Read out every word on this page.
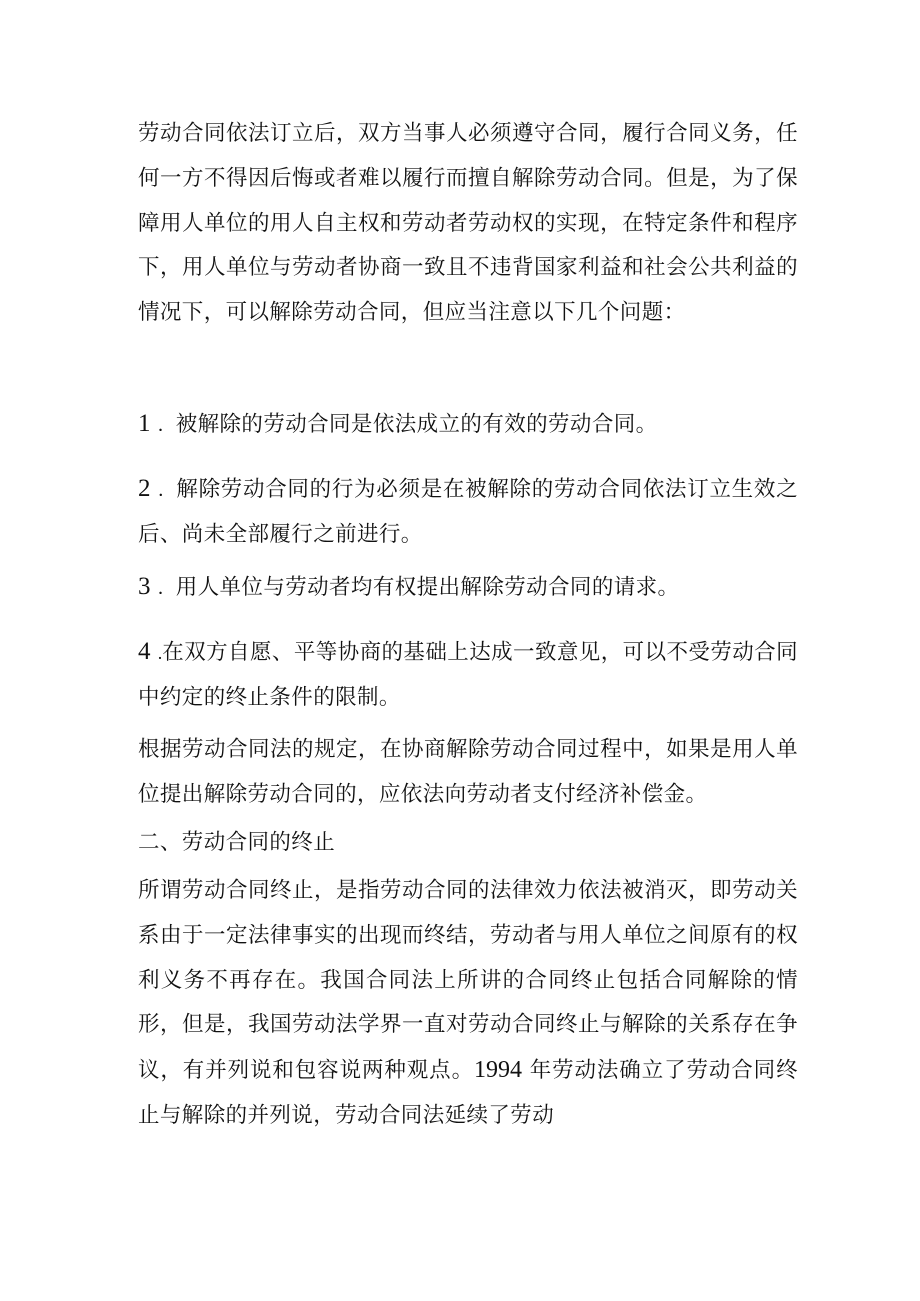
劳动合同依法订立后，双方当事人必须遵守合同，履行合同义务，任何一方不得因后悔或者难以履行而擅自解除劳动合同。但是，为了保障用人单位的用人自主权和劳动者劳动权的实现，在特定条件和程序下，用人单位与劳动者协商一致且不违背国家利益和社会公共利益的情况下，可以解除劳动合同，但应当注意以下几个问题：
1 ．被解除的劳动合同是依法成立的有效的劳动合同。
2 ．解除劳动合同的行为必须是在被解除的劳动合同依法订立生效之后、尚未全部履行之前进行。
3 ．用人单位与劳动者均有权提出解除劳动合同的请求。
4 .在双方自愿、平等协商的基础上达成一致意见，可以不受劳动合同中约定的终止条件的限制。
根据劳动合同法的规定，在协商解除劳动合同过程中，如果是用人单位提出解除劳动合同的，应依法向劳动者支付经济补偿金。
二、劳动合同的终止
所谓劳动合同终止，是指劳动合同的法律效力依法被消灭，即劳动关系由于一定法律事实的出现而终结，劳动者与用人单位之间原有的权利义务不再存在。我国合同法上所讲的合同终止包括合同解除的情形，但是，我国劳动法学界一直对劳动合同终止与解除的关系存在争议，有并列说和包容说两种观点。1994 年劳动法确立了劳动合同终止与解除的并列说，劳动合同法延续了劳动
